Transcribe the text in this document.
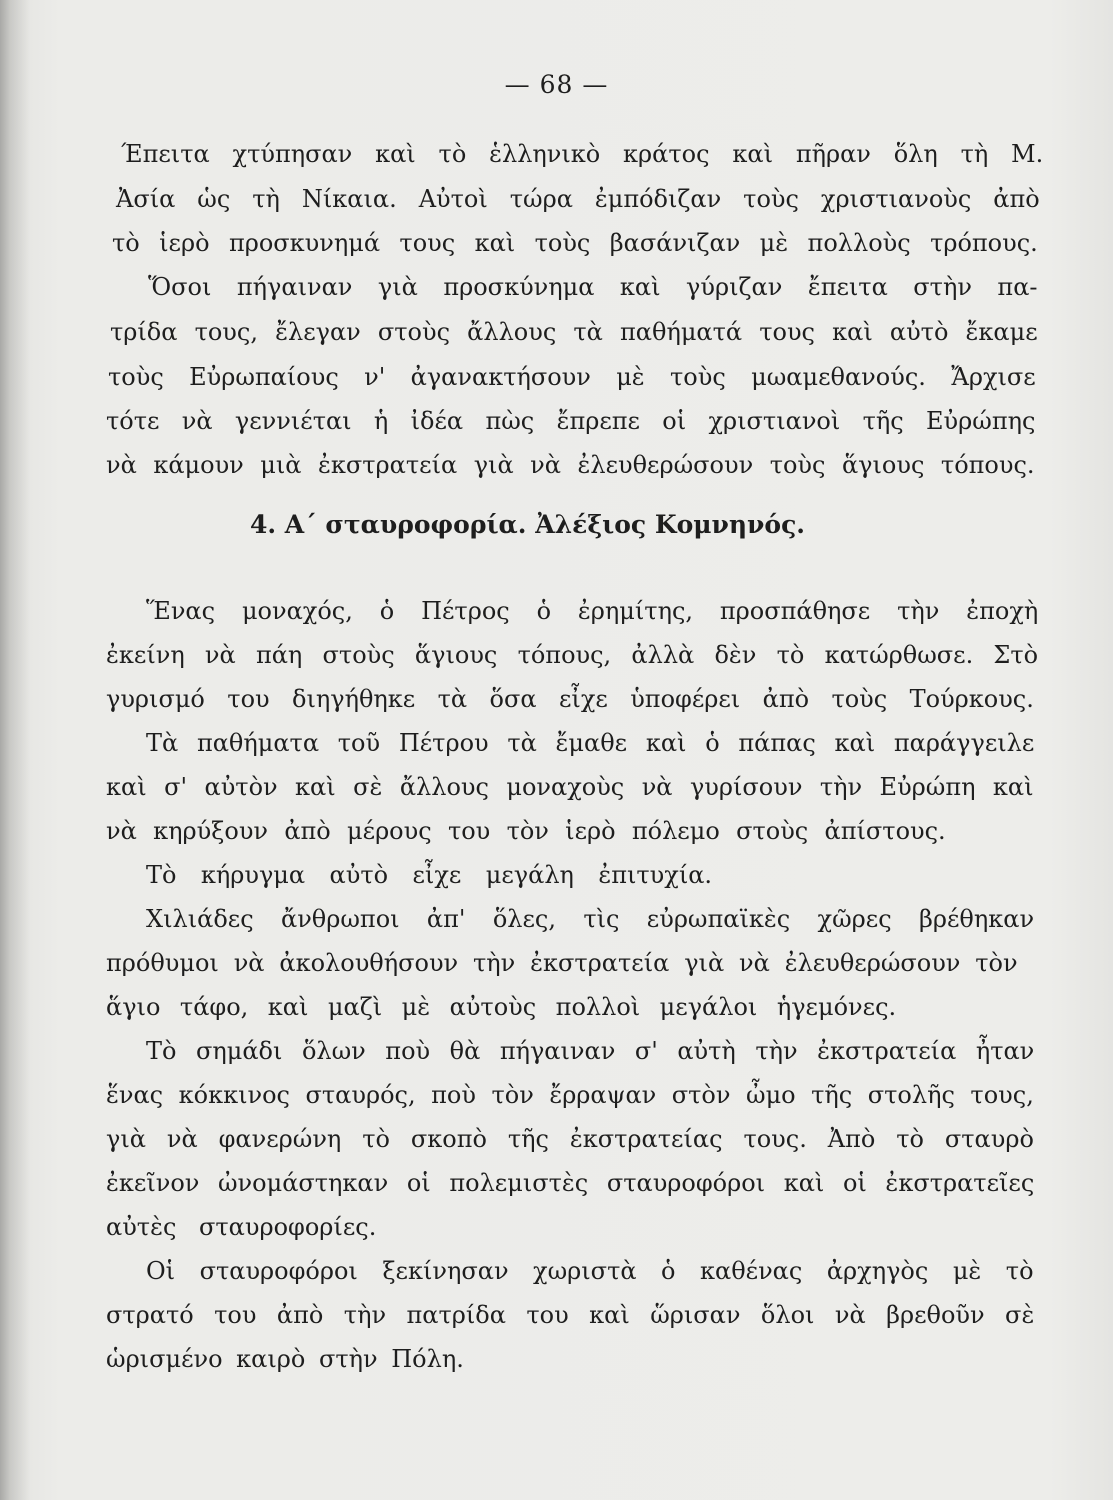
— 68 —
Έπειτα χτύπησαν καὶ τὸ ἑλληνικὸ κράτος καὶ πῆραν ὅλη τὴ Μ.
Ἀσία ὡς τὴ Νίκαια. Αὐτοὶ τώρα ἐμπόδιζαν τοὺς χριστιανοὺς ἀπὸ
τὸ ἱερὸ προσκυνημά τους καὶ τοὺς βασάνιζαν μὲ πολλοὺς τρόπους.
Ὅσοι πήγαιναν γιὰ προσκύνημα καὶ γύριζαν ἔπειτα στὴν πα-
τρίδα τους, ἔλεγαν στοὺς ἄλλους τὰ παθήματά τους καὶ αὐτὸ ἔκαμε
τοὺς Εὐρωπαίους ν' ἀγανακτήσουν μὲ τοὺς μωαμεθανούς. Ἄρχισε
τότε νὰ γεννιέται ἡ ἰδέα πὼς ἔπρεπε οἱ χριστιανοὶ τῆς Εὐρώπης
νὰ κάμουν μιὰ ἐκστρατεία γιὰ νὰ ἐλευθερώσουν τοὺς ἅγιους τόπους.
4. Α΄ σταυροφορία. Ἀλέξιος Κομνηνός.
Ἕνας μοναχός, ὁ Πέτρος ὁ ἐρημίτης, προσπάθησε τὴν ἐποχὴ
ἐκείνη νὰ πάη στοὺς ἅγιους τόπους, ἀλλὰ δὲν τὸ κατώρθωσε. Στὸ
γυρισμό του διηγήθηκε τὰ ὅσα εἶχε ὑποφέρει ἀπὸ τοὺς Τούρκους.
Τὰ παθήματα τοῦ Πέτρου τὰ ἔμαθε καὶ ὁ πάπας καὶ παράγγειλε
καὶ σ' αὐτὸν καὶ σὲ ἄλλους μοναχοὺς νὰ γυρίσουν τὴν Εὐρώπη καὶ
νὰ κηρύξουν ἀπὸ μέρους του τὸν ἱερὸ πόλεμο στοὺς ἀπίστους.
Τὸ κήρυγμα αὐτὸ εἶχε μεγάλη ἐπιτυχία.
Χιλιάδες ἄνθρωποι ἀπ' ὅλες, τὶς εὐρωπαϊκὲς χῶρες βρέθηκαν
πρόθυμοι νὰ ἀκολουθήσουν τὴν ἐκστρατεία γιὰ νὰ ἐλευθερώσουν τὸν
ἅγιο τάφο, καὶ μαζὶ μὲ αὐτοὺς πολλοὶ μεγάλοι ἡγεμόνες.
Τὸ σημάδι ὅλων ποὺ θὰ πήγαιναν σ' αὐτὴ τὴν ἐκστρατεία ἦταν
ἕνας κόκκινος σταυρός, ποὺ τὸν ἔρραψαν στὸν ὦμο τῆς στολῆς τους,
γιὰ νὰ φανερώνη τὸ σκοπὸ τῆς ἐκστρατείας τους. Ἀπὸ τὸ σταυρὸ
ἐκεῖνον ὠνομάστηκαν οἱ πολεμιστὲς σταυροφόροι καὶ οἱ ἐκστρατεῖες
αὐτὲς σταυροφορίες.
Οἱ σταυροφόροι ξεκίνησαν χωριστὰ ὁ καθένας ἀρχηγὸς μὲ τὸ
στρατό του ἀπὸ τὴν πατρίδα του καὶ ὥρισαν ὅλοι νὰ βρεθοῦν σὲ
ὡρισμένο καιρὸ στὴν Πόλη.
